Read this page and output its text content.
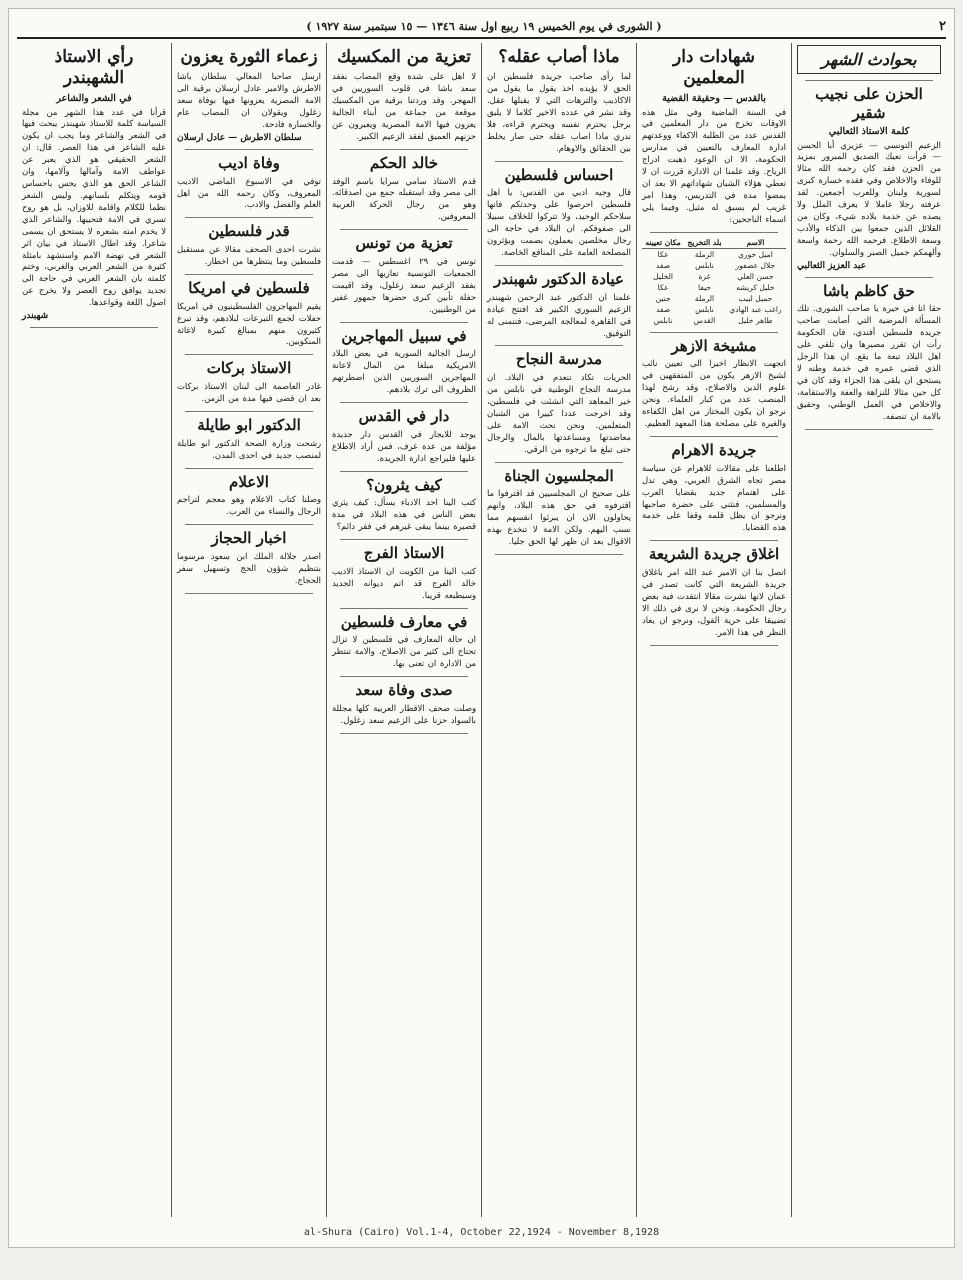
٢
( الشورى في يوم الخميس ١٩ ربيع اول سنة ١٣٤٦ — ١٥ سبتمبر سنة ١٩٢٧ )
بحوادث الشهر
الحزن على نجيب شقير
كلمة الاستاذ الثعالبي

الزعيم التونسي — عزيزي أبا الحسن — قرأت نعيك الصديق المبرور بمزيد من الحزن فقد كان رحمه الله مثالا للوفاء والاخلاص وفي فقده خسارة كبرى لسورية ولبنان وللعرب أجمعين. لقد عرفته رجلا عاملا لا يعرف الملل ولا يصده عن خدمة بلاده شيء، وكان من القلائل الذين جمعوا بين الذكاء والأدب وسعة الاطلاع. فرحمه الله رحمة واسعة وألهمكم جميل الصبر والسلوان.

عبد العزيز الثعالبي
حق كاظم باشا

حقا انا في حيرة يا صاحب الشورى. تلك المسألة المرضية التي أصابت صاحب جريدة فلسطين أفندي، فان الحكومة رأت ان تقرر مصيرها وان تلقي على اهل البلاد تبعة ما يقع. ان هذا الرجل الذي قضى عمره في خدمة وطنه لا يستحق ان يلقى هذا الجزاء وقد كان في كل حين مثالا للنزاهة والعفة والاستقامة، والاخلاص في العمل الوطني، وحقيق بالامة ان تنصفه.

شهادات دار المعلمين
بالقدس — وحقيقة القضية

في السنة الماضية وفي مثل هذه الاوقات تخرج من دار المعلمين في القدس عدد من الطلبة الاكفاء ووعدتهم ادارة المعارف بالتعيين في مدارس الحكومة، الا ان الوعود ذهبت ادراج الرياح. وقد علمنا ان الادارة قررت ان لا تعطي هؤلاء الشبان شهاداتهم الا بعد ان يمضوا مدة في التدريس، وهذا امر غريب لم يسبق له مثيل. وفيما يلي اسماء الناجحين:

الاسم	بلد التخريج	مكان تعيينه
اميل خوري	الرملة	عكا
جلال عصفور	نابلس	صفد
حسن العلي	غزة	الخليل
خليل كريشه	حيفا	عكا
جميل لبيب	الرملة	جنين
راغب عبد الهادي	نابلس	صفد
طاهر خليل	القدس	نابلس
مشيخة الازهر

اتجهت الانظار اخيرا الى تعيين نائب لشيخ الازهر يكون من المتفقهين في علوم الدين والاصلاح، وقد رشح لهذا المنصب عدد من كبار العلماء. ونحن نرجو ان يكون المختار من اهل الكفاءة والغيرة على مصلحة هذا المعهد العظيم.

جريدة الاهرام

اطلعنا على مقالات للاهرام عن سياسة مصر تجاه الشرق العربي، وهي تدل على اهتمام جديد بقضايا العرب والمسلمين، فنثني على حضرة صاحبها ونرجو ان يظل قلمه وقفا على خدمة هذه القضايا.

اغلاق جريدة الشريعة

اتصل بنا ان الامير عبد الله امر باغلاق جريدة الشريعة التي كانت تصدر في عمان لانها نشرت مقالا انتقدت فيه بعض رجال الحكومة. ونحن لا نرى في ذلك الا تضييقا على حرية القول، ونرجو ان يعاد النظر في هذا الامر.

ماذا أصاب عقله؟

لما رأى صاحب جريدة فلسطين ان الحق لا يؤيده اخذ يقول ما يقول من الاكاذيب والترهات التي لا يقبلها عقل. وقد نشر في عدده الاخير كلاما لا يليق برجل يحترم نفسه ويحترم قراءه، فلا ندري ماذا اصاب عقله حتى صار يخلط بين الحقائق والاوهام.

احساس فلسطين

قال وجيه ادبي من القدس: يا اهل فلسطين احرصوا على وحدتكم فانها سلاحكم الوحيد، ولا تتركوا للخلاف سبيلا الى صفوفكم. ان البلاد في حاجة الى رجال مخلصين يعملون بصمت ويؤثرون المصلحة العامة على المنافع الخاصة.

عيادة الدكتور شهبندر

علمنا ان الدكتور عبد الرحمن شهبندر الزعيم السوري الكبير قد افتتح عيادة في القاهرة لمعالجة المرضى، فنتمنى له التوفيق.

مدرسة النجاح

الحريات تكاد تنعدم في البلاد. ان مدرسة النجاح الوطنية في نابلس من خير المعاهد التي انشئت في فلسطين، وقد اخرجت عددا كبيرا من الشبان المتعلمين. ونحن نحث الامة على معاضدتها ومساعدتها بالمال والرجال حتى تبلغ ما ترجوه من الرقي.

المجلسيون الجناة

على صحيح ان المجلسيين قد اقترفوا ما اقترفوه في حق هذه البلاد، وانهم يحاولون الان ان يبرئوا انفسهم مما نسب اليهم. ولكن الامة لا تنخدع بهذه الاقوال بعد ان ظهر لها الحق جليا.

تعزية من المكسيك

لا اهل على شدة وقع المصاب بفقد سعد باشا في قلوب السوريين في المهجر. وقد وردتنا برقية من المكسيك موقعة من جماعة من أبناء الجالية يعزون فيها الامة المصرية ويعبرون عن حزنهم العميق لفقد الزعيم الكبير.

خالد الحكم

قدم الاستاذ سامي سرايا باسم الوفد الى مصر وقد استقبله جمع من اصدقائه. وهو من رجال الحركة العربية المعروفين.

تعزية من تونس

تونس في ٢٩ اغسطس — قدمت الجمعيات التونسية تعازيها الى مصر بفقد الزعيم سعد زغلول، وقد اقيمت حفلة تأبين كبرى حضرها جمهور غفير من الوطنيين.

في سبيل المهاجرين

ارسل الجالية السورية في بعض البلاد الامريكية مبلغا من المال لاعانة المهاجرين السوريين الذين اضطرتهم الظروف الى ترك بلادهم.

دار في القدس

يوجد للايجار في القدس دار جديدة مؤلفة من عدة غرف، فمن أراد الاطلاع عليها فليراجع ادارة الجريدة.

كيف يثرون؟

كتب الينا احد الادباء يسأل: كيف يثري بعض الناس في هذه البلاد في مدة قصيرة بينما يبقى غيرهم في فقر دائم؟

الاستاذ الفرج

كتب الينا من الكويت ان الاستاذ الاديب خالد الفرج قد اتم ديوانه الجديد وسيطبعه قريبا.

في معارف فلسطين

ان حالة المعارف في فلسطين لا تزال تحتاج الى كثير من الاصلاح، والامة تنتظر من الادارة ان تعنى بها.

صدى وفاة سعد

وصلت صحف الاقطار العربية كلها مجللة بالسواد حزنا على الزعيم سعد زغلول.

زعماء الثورة يعزون

ارسل صاحبا المعالي سلطان باشا الاطرش والامير عادل ارسلان برقية الى الامة المصرية يعزونها فيها بوفاة سعد زغلول ويقولان ان المصاب عام والخسارة فادحة.

سلطان الاطرش — عادل ارسلان
وفاة اديب

توفي في الاسبوع الماضي الاديب المعروف، وكان رحمه الله من اهل العلم والفضل والادب.

قدر فلسطين

نشرت احدى الصحف مقالا عن مستقبل فلسطين وما ينتظرها من اخطار.

فلسطين في امريكا

يقيم المهاجرون الفلسطينيون في امريكا حفلات لجمع التبرعات لبلادهم، وقد تبرع كثيرون منهم بمبالغ كبيرة لاغاثة المنكوبين.

الاستاذ بركات

غادر العاصمة الى لبنان الاستاذ بركات بعد ان قضى فيها مدة من الزمن.

الدكتور ابو طايلة

رشحت وزارة الصحة الدكتور ابو طايلة لمنصب جديد في احدى المدن.

الاعلام

وصلنا كتاب الاعلام وهو معجم لتراجم الرجال والنساء من العرب.

اخبار الحجاز

اصدر جلالة الملك ابن سعود مرسوما بتنظيم شؤون الحج وتسهيل سفر الحجاج.

رأي الاستاذ الشهبندر
في الشعر والشاعر

قرأنا في عدد هذا الشهر من مجلة السياسة كلمة للاستاذ شهبندر يبحث فيها في الشعر والشاعر وما يجب ان يكون عليه الشاعر في هذا العصر. قال: ان الشعر الحقيقي هو الذي يعبر عن عواطف الامة وآمالها وآلامها، وان الشاعر الحق هو الذي يحس باحساس قومه ويتكلم بلسانهم. وليس الشعر نظما للكلام واقامة للاوزان، بل هو روح تسري في الامة فتحييها. والشاعر الذي لا يخدم امته بشعره لا يستحق ان يسمى شاعرا. وقد اطال الاستاذ في بيان اثر الشعر في نهضة الامم واستشهد بامثلة كثيرة من الشعر العربي والغربي، وختم كلمته بان الشعر العربي في حاجة الى تجديد يوافق روح العصر ولا يخرج عن اصول اللغة وقواعدها.

شهبندر
al-Shura (Cairo) Vol.1-4, October 22,1924 - November 8,1928
